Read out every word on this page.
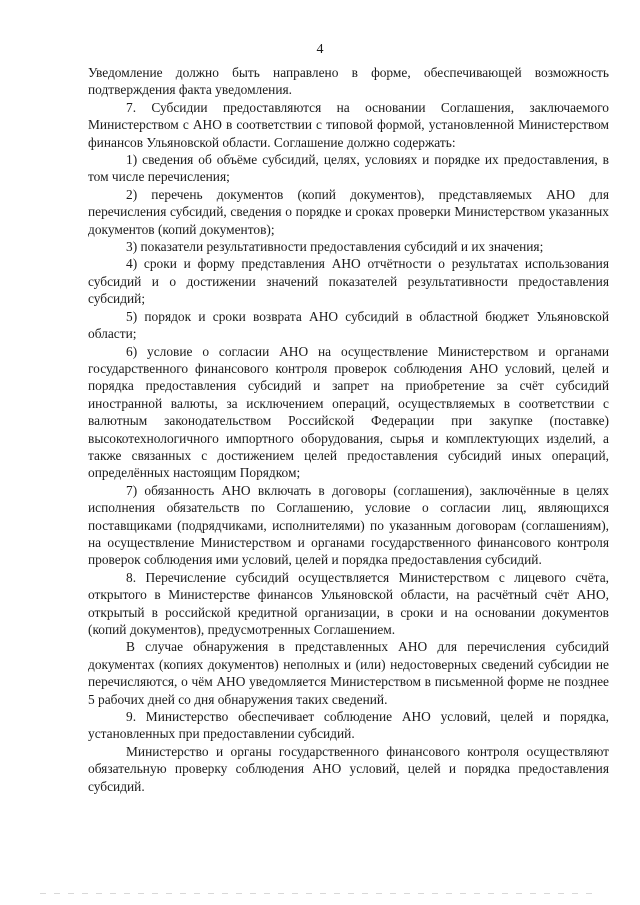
4

Уведомление должно быть направлено в форме, обеспечивающей возможность подтверждения факта уведомления.

7. Субсидии предоставляются на основании Соглашения, заключаемого Министерством с АНО в соответствии с типовой формой, установленной Министерством финансов Ульяновской области. Соглашение должно содержать:

1) сведения об объёме субсидий, целях, условиях и порядке их предоставления, в том числе перечисления;

2) перечень документов (копий документов), представляемых АНО для перечисления субсидий, сведения о порядке и сроках проверки Министерством указанных документов (копий документов);

3) показатели результативности предоставления субсидий и их значения;

4) сроки и форму представления АНО отчётности о результатах использования субсидий и о достижении значений показателей результативности предоставления субсидий;

5) порядок и сроки возврата АНО субсидий в областной бюджет Ульяновской области;

6) условие о согласии АНО на осуществление Министерством и органами государственного финансового контроля проверок соблюдения АНО условий, целей и порядка предоставления субсидий и запрет на приобретение за счёт субсидий иностранной валюты, за исключением операций, осуществляемых в соответствии с валютным законодательством Российской Федерации при закупке (поставке) высокотехнологичного импортного оборудования, сырья и комплектующих изделий, а также связанных с достижением целей предоставления субсидий иных операций, определённых настоящим Порядком;

7) обязанность АНО включать в договоры (соглашения), заключённые в целях исполнения обязательств по Соглашению, условие о согласии лиц, являющихся поставщиками (подрядчиками, исполнителями) по указанным договорам (соглашениям), на осуществление Министерством и органами государственного финансового контроля проверок соблюдения ими условий, целей и порядка предоставления субсидий.

8. Перечисление субсидий осуществляется Министерством с лицевого счёта, открытого в Министерстве финансов Ульяновской области, на расчётный счёт АНО, открытый в российской кредитной организации, в сроки и на основании документов (копий документов), предусмотренных Соглашением.

В случае обнаружения в представленных АНО для перечисления субсидий документах (копиях документов) неполных и (или) недостоверных сведений субсидии не перечисляются, о чём АНО уведомляется Министерством в письменной форме не позднее 5 рабочих дней со дня обнаружения таких сведений.

9. Министерство обеспечивает соблюдение АНО условий, целей и порядка, установленных при предоставлении субсидий.

Министерство и органы государственного финансового контроля осуществляют обязательную проверку соблюдения АНО условий, целей и порядка предоставления субсидий.
